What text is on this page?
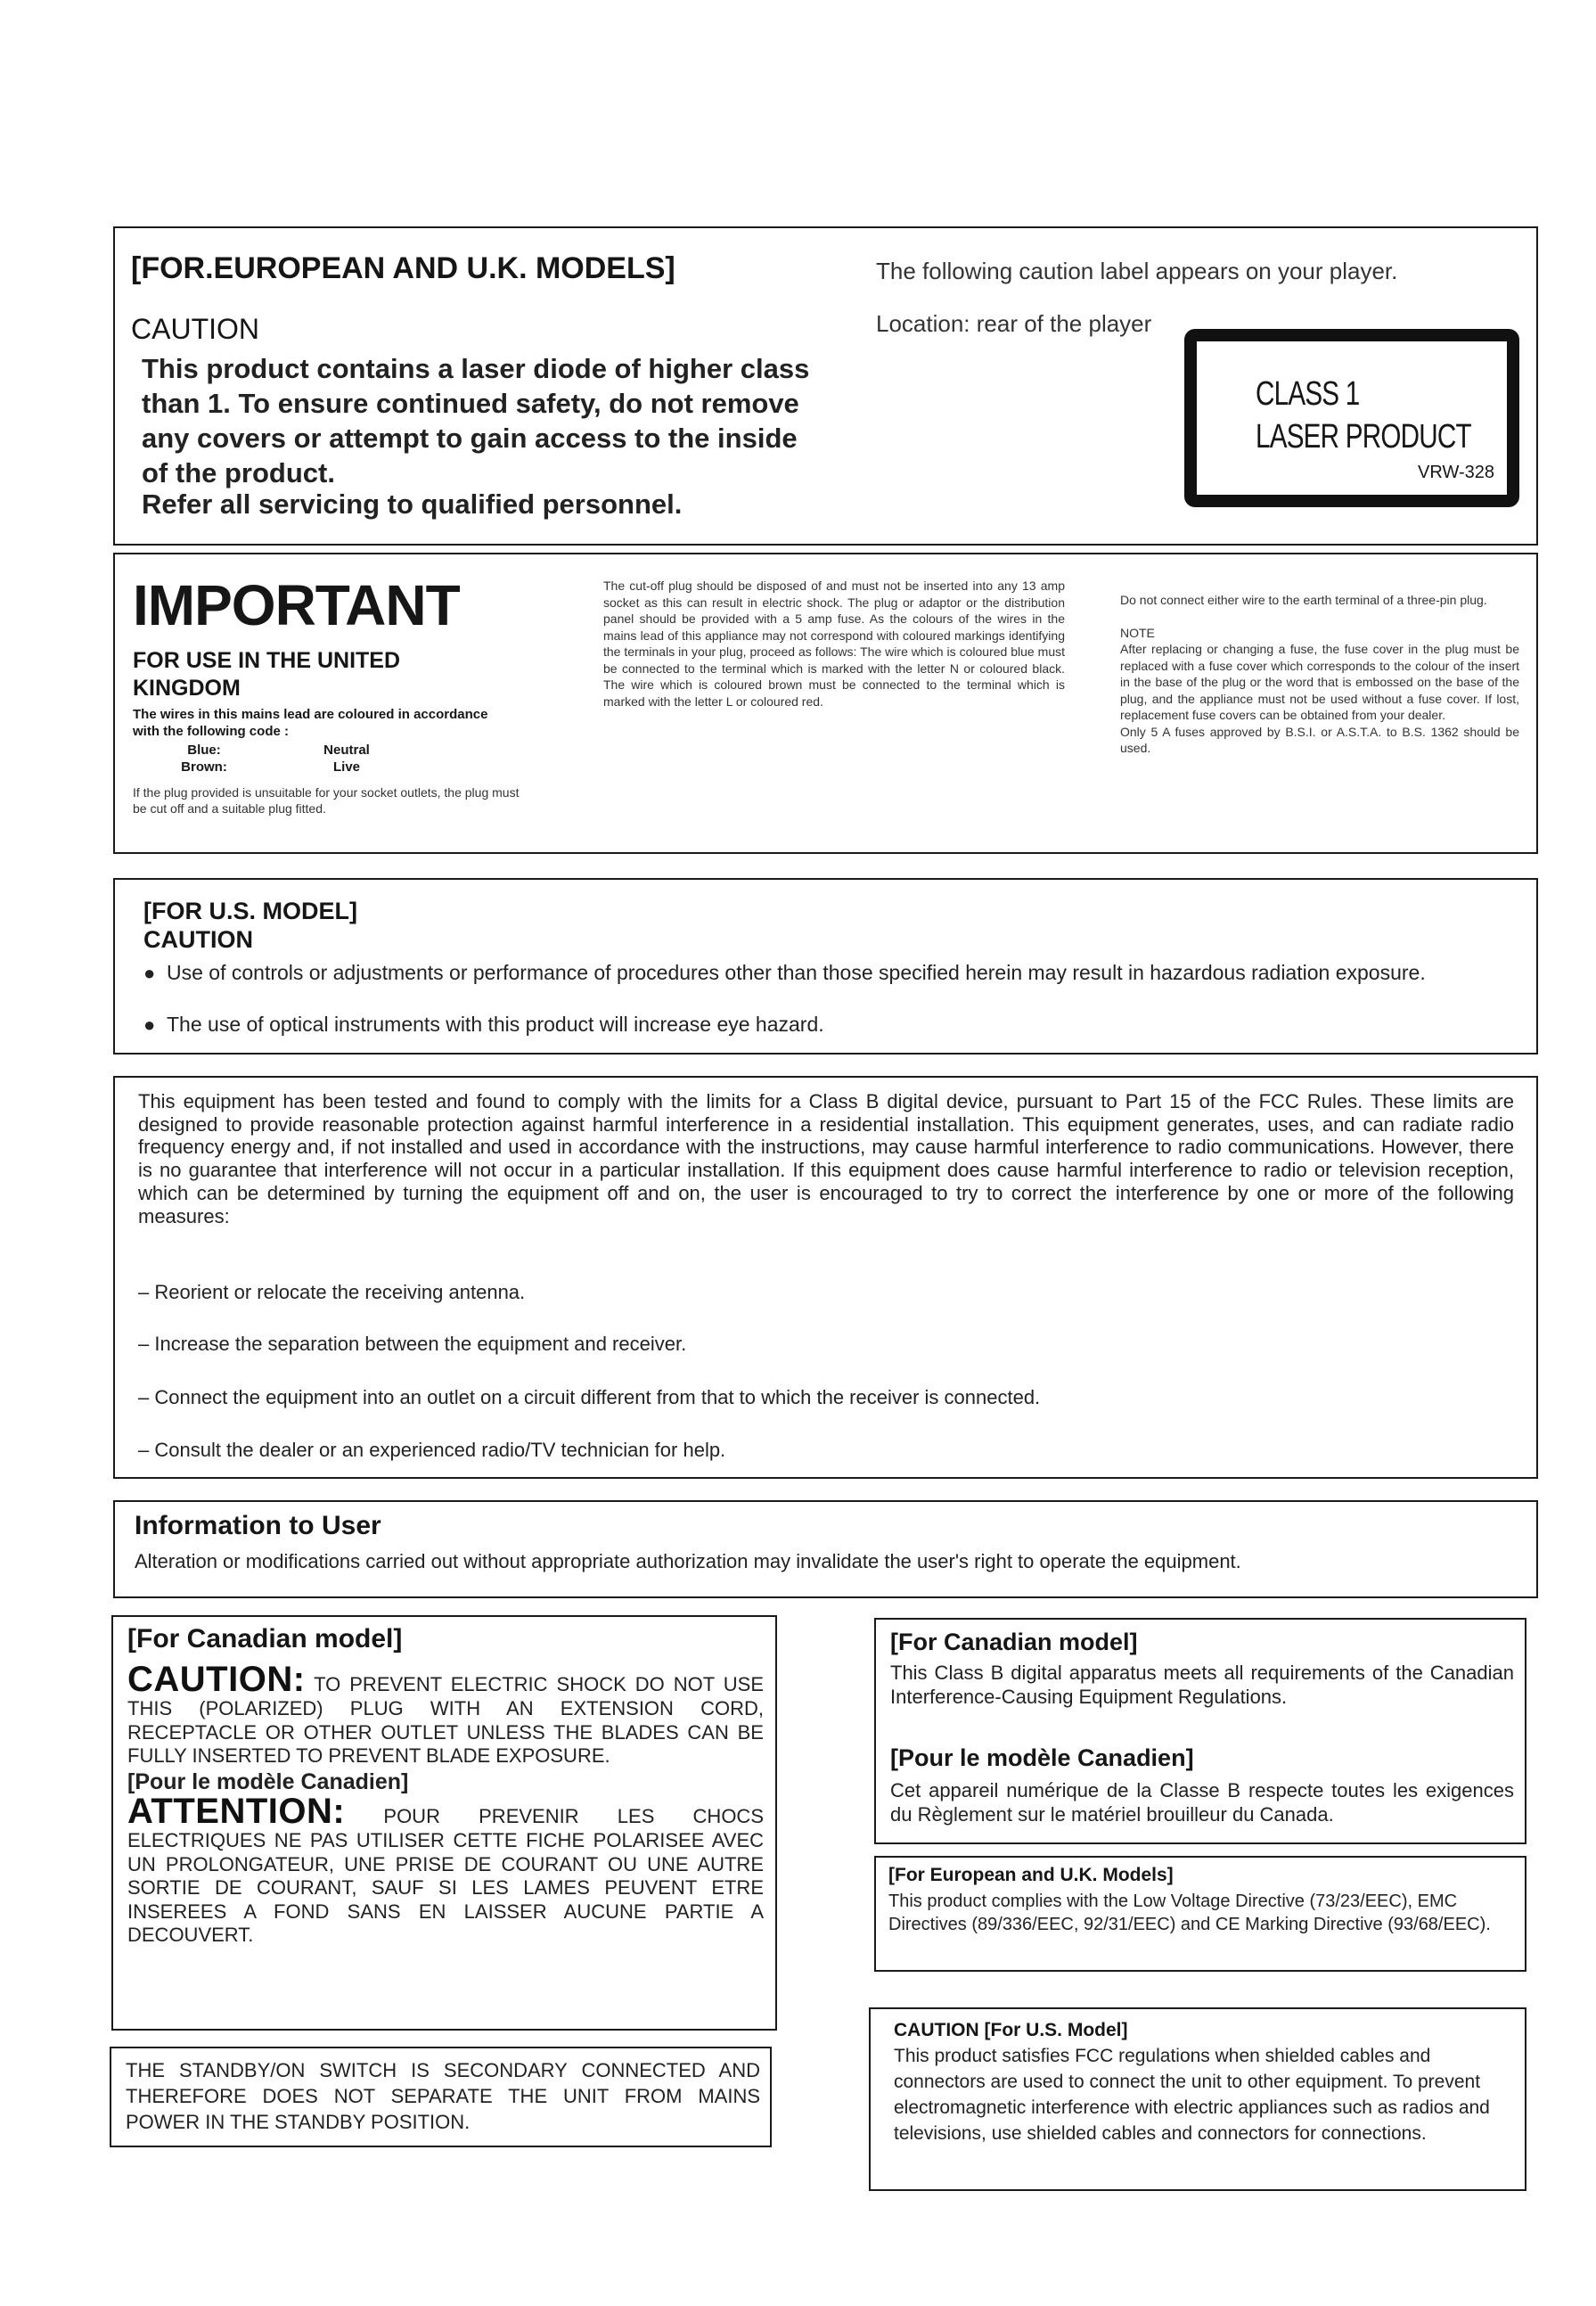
[FOR.EUROPEAN AND U.K. MODELS]
CAUTION
This product contains a laser diode of higher class than 1. To ensure continued safety, do not remove any covers or attempt to gain access to the inside of the product.
Refer all servicing to qualified personnel.
The following caution label appears on your player.
Location: rear of the player
CLASS 1
LASER PRODUCT
VRW-328
IMPORTANT
FOR USE IN THE UNITED KINGDOM
The wires in this mains lead are coloured in accordance with the following code :
Blue:	Neutral
Brown:	Live
If the plug provided is unsuitable for your socket outlets, the plug must be cut off and a suitable plug fitted.
The cut-off plug should be disposed of and must not be inserted into any 13 amp socket as this can result in electric shock. The plug or adaptor or the distribution panel should be provided with a 5 amp fuse. As the colours of the wires in the mains lead of this appliance may not correspond with coloured markings identifying the terminals in your plug, proceed as follows: The wire which is coloured blue must be connected to the terminal which is marked with the letter N or coloured black. The wire which is coloured brown must be connected to the terminal which is marked with the letter L or coloured red.
Do not connect either wire to the earth terminal of a three-pin plug.
NOTE
After replacing or changing a fuse, the fuse cover in the plug must be replaced with a fuse cover which corresponds to the colour of the insert in the base of the plug or the word that is embossed on the base of the plug, and the appliance must not be used without a fuse cover. If lost, replacement fuse covers can be obtained from your dealer.
Only 5 A fuses approved by B.S.I. or A.S.T.A. to B.S. 1362 should be used.
[FOR U.S. MODEL]
CAUTION
● Use of controls or adjustments or performance of procedures other than those specified herein may result in hazardous radiation exposure.
● The use of optical instruments with this product will increase eye hazard.
This equipment has been tested and found to comply with the limits for a Class B digital device, pursuant to Part 15 of the FCC Rules. These limits are designed to provide reasonable protection against harmful interference in a residential installation. This equipment generates, uses, and can radiate radio frequency energy and, if not installed and used in accordance with the instructions, may cause harmful interference to radio communications. However, there is no guarantee that interference will not occur in a particular installation. If this equipment does cause harmful interference to radio or television reception, which can be determined by turning the equipment off and on, the user is encouraged to try to correct the interference by one or more of the following measures:
– Reorient or relocate the receiving antenna.
– Increase the separation between the equipment and receiver.
– Connect the equipment into an outlet on a circuit different from that to which the receiver is connected.
– Consult the dealer or an experienced radio/TV technician for help.
Information to User
Alteration or modifications carried out without appropriate authorization may invalidate the user's right to operate the equipment.
[For Canadian model]
CAUTION: TO PREVENT ELECTRIC SHOCK DO NOT USE THIS (POLARIZED) PLUG WITH AN EXTENSION CORD, RECEPTACLE OR OTHER OUTLET UNLESS THE BLADES CAN BE FULLY INSERTED TO PREVENT BLADE EXPOSURE.
[Pour le modèle Canadien]
ATTENTION: POUR PREVENIR LES CHOCS ELECTRIQUES NE PAS UTILISER CETTE FICHE POLARISEE AVEC UN PROLONGATEUR, UNE PRISE DE COURANT OU UNE AUTRE SORTIE DE COURANT, SAUF SI LES LAMES PEUVENT ETRE INSEREES A FOND SANS EN LAISSER AUCUNE PARTIE A DECOUVERT.
THE STANDBY/ON SWITCH IS SECONDARY CONNECTED AND THEREFORE DOES NOT SEPARATE THE UNIT FROM MAINS POWER IN THE STANDBY POSITION.
[For Canadian model]
This Class B digital apparatus meets all requirements of the Canadian Interference-Causing Equipment Regulations.
[Pour le modèle Canadien]
Cet appareil numérique de la Classe B respecte toutes les exigences du Règlement sur le matériel brouilleur du Canada.
[For European and U.K. Models]
This product complies with the Low Voltage Directive (73/23/EEC), EMC Directives (89/336/EEC, 92/31/EEC) and CE Marking Directive (93/68/EEC).
CAUTION [For U.S. Model]
This product satisfies FCC regulations when shielded cables and connectors are used to connect the unit to other equipment. To prevent electromagnetic interference with electric appliances such as radios and televisions, use shielded cables and connectors for connections.
